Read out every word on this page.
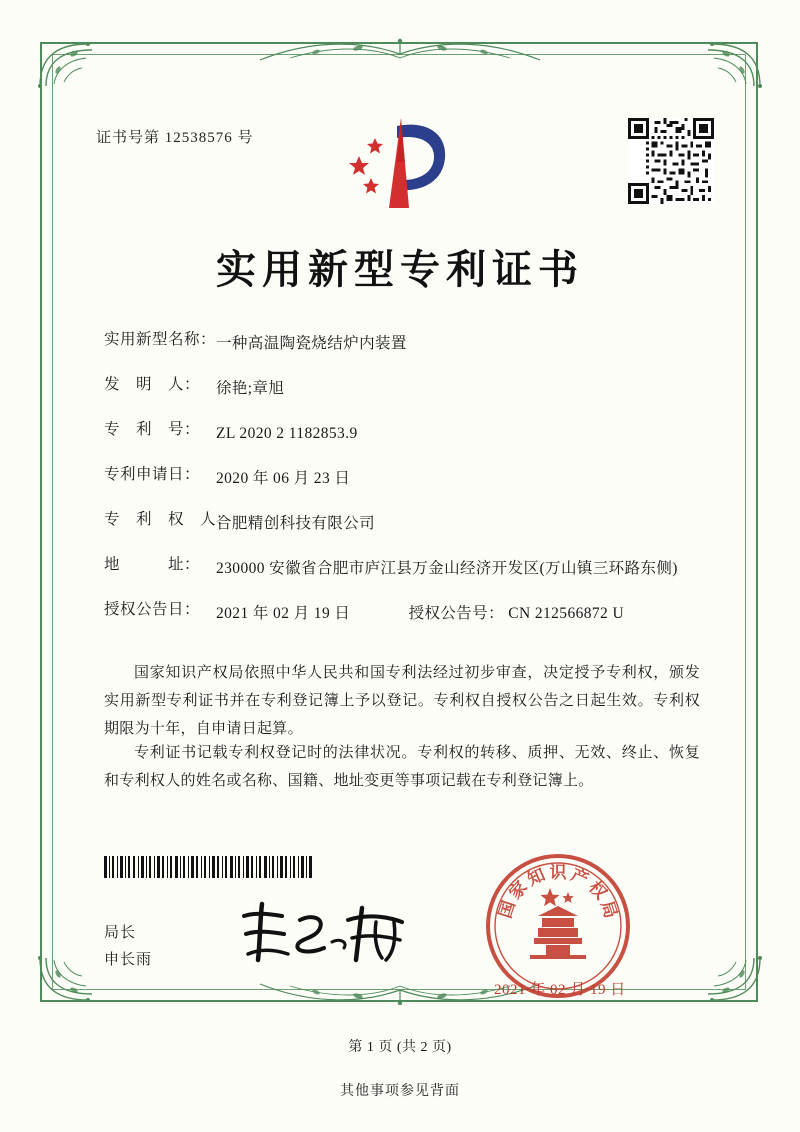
证书号第 12538576 号
实用新型专利证书
实用新型名称： 一种高温陶瓷烧结炉内装置
发　明　人：	徐艳;章旭
专　利　号：	ZL 2020 2 1182853.9
专利申请日：	2020 年 06 月 23 日
专　利　权　人：
合肥精创科技有限公司
地　　　址：	230000 安徽省合肥市庐江县万金山经济开发区(万山镇三环路东侧)
授权公告日：	2021 年 02 月 19 日	授权公告号： CN 212566872 U
国家知识产权局依照中华人民共和国专利法经过初步审查，决定授予专利权，颁发实用新型专利证书并在专利登记簿上予以登记。专利权自授权公告之日起生效。专利权期限为十年，自申请日起算。
专利证书记载专利权登记时的法律状况。专利权的转移、质押、无效、终止、恢复和专利权人的姓名或名称、国籍、地址变更等事项记载在专利登记簿上。
局长
申长雨
国
家
知 识 产
权
局
2021 年 02 月 19 日
第 1 页 (共 2 页)
其他事项参见背面
